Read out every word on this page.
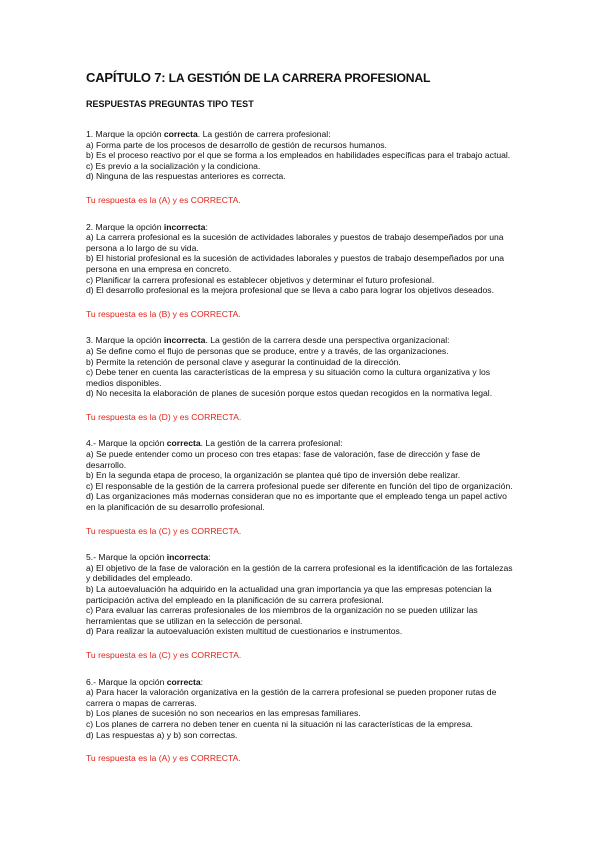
CAPÍTULO 7: LA GESTIÓN DE LA CARRERA PROFESIONAL
RESPUESTAS PREGUNTAS TIPO TEST

1. Marque la opción correcta. La gestión de carrera profesional:

a) Forma parte de los procesos de desarrollo de gestión de recursos humanos.

b) Es el proceso reactivo por el que se forma a los empleados en habilidades específicas para el trabajo actual.

c) Es previo a la socialización y la condiciona.

d) Ninguna de las respuestas anteriores es correcta.

Tu respuesta es la (A) y es CORRECTA.

2. Marque la opción incorrecta:

a) La carrera profesional es la sucesión de actividades laborales y puestos de trabajo desempeñados por una persona a lo largo de su vida.

b) El historial profesional es la sucesión de actividades laborales y puestos de trabajo desempeñados por una persona en una empresa en concreto.

c) Planificar la carrera profesional es establecer objetivos y determinar el futuro profesional.

d) El desarrollo profesional es la mejora profesional que se lleva a cabo para lograr los objetivos deseados.

Tu respuesta es la (B) y es CORRECTA.

3. Marque la opción incorrecta. La gestión de la carrera desde una perspectiva organizacional:

a) Se define como el flujo de personas que se produce, entre y a través, de las organizaciones.

b) Permite la retención de personal clave y asegurar la continuidad de la dirección.

c) Debe tener en cuenta las características de la empresa y su situación como la cultura organizativa y los medios disponibles.

d) No necesita la elaboración de planes de sucesión porque estos quedan recogidos en la normativa legal.

Tu respuesta es la (D) y es CORRECTA.

4.- Marque la opción correcta. La gestión de la carrera profesional:

a) Se puede entender como un proceso con tres etapas: fase de valoración, fase de dirección y fase de desarrollo.

b) En la segunda etapa de proceso, la organización se plantea qué tipo de inversión debe realizar.

c) El responsable de la gestión de la carrera profesional puede ser diferente en función del tipo de organización.

d) Las organizaciones más modernas consideran que no es importante que el empleado tenga un papel activo en la planificación de su desarrollo profesional.

Tu respuesta es la (C) y es CORRECTA.

5.- Marque la opción incorrecta:

a) El objetivo de la fase de valoración en la gestión de la carrera profesional es la identificación de las fortalezas y debilidades del empleado.

b) La autoevaluación ha adquirido en la actualidad una gran importancia ya que las empresas potencian la participación activa del empleado en la planificación de su carrera profesional.

c) Para evaluar las carreras profesionales de los miembros de la organización no se pueden utilizar las herramientas que se utilizan en la selección de personal.

d) Para realizar la autoevaluación existen multitud de cuestionarios e instrumentos.

Tu respuesta es la (C) y es CORRECTA.

6.- Marque la opción correcta:

a) Para hacer la valoración organizativa en la gestión de la carrera profesional se pueden proponer rutas de carrera o mapas de carreras.

b) Los planes de sucesión no son necearios en las empresas familiares.

c) Los planes de carrera no deben tener en cuenta ni la situación ni las características de la empresa.

d) Las respuestas a) y b) son correctas.

Tu respuesta es la (A) y es CORRECTA.
